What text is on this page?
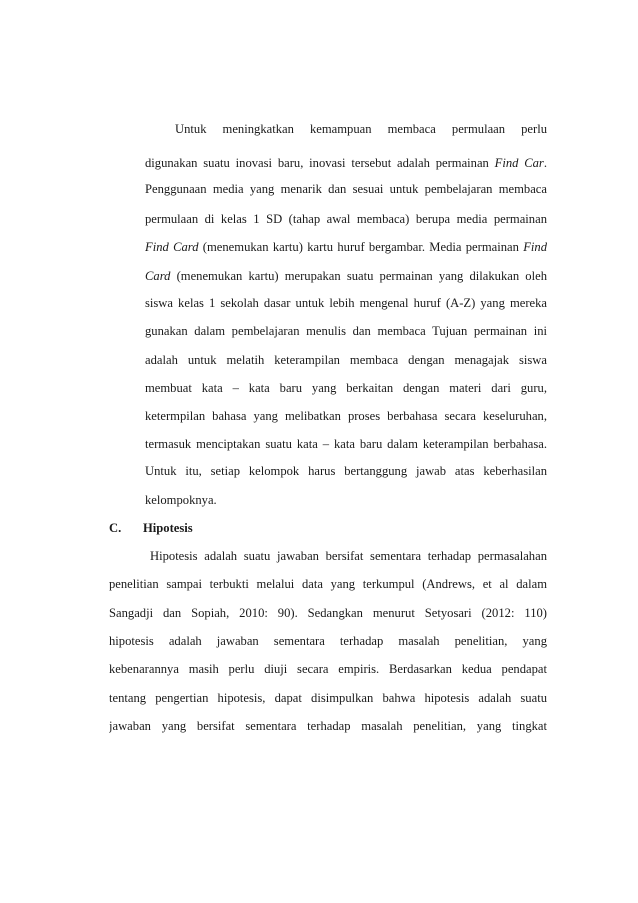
Untuk meningkatkan kemampuan membaca permulaan perlu
digunakan suatu inovasi baru, inovasi tersebut adalah permainan Find Car.
Penggunaan media yang menarik dan sesuai untuk pembelajaran membaca
permulaan di kelas 1 SD (tahap awal membaca) berupa media permainan
Find Card (menemukan kartu) kartu huruf bergambar. Media permainan Find
Card (menemukan kartu) merupakan suatu permainan yang dilakukan oleh
siswa kelas 1 sekolah dasar untuk lebih mengenal huruf (A-Z) yang mereka
gunakan dalam pembelajaran menulis dan membaca Tujuan permainan ini
adalah untuk melatih keterampilan membaca dengan menagajak siswa
membuat kata – kata baru yang berkaitan dengan materi dari guru,
ketermpilan bahasa yang melibatkan proses berbahasa secara keseluruhan,
termasuk menciptakan suatu kata – kata baru dalam keterampilan berbahasa.
Untuk itu, setiap kelompok harus bertanggung jawab atas keberhasilan
kelompoknya.
C. Hipotesis
Hipotesis adalah suatu jawaban bersifat sementara terhadap permasalahan
penelitian sampai terbukti melalui data yang terkumpul (Andrews, et al dalam
Sangadji dan Sopiah, 2010: 90). Sedangkan menurut Setyosari (2012: 110)
hipotesis adalah jawaban sementara terhadap masalah penelitian, yang
kebenarannya masih perlu diuji secara empiris. Berdasarkan kedua pendapat
tentang pengertian hipotesis, dapat disimpulkan bahwa hipotesis adalah suatu
jawaban yang bersifat sementara terhadap masalah penelitian, yang tingkat
